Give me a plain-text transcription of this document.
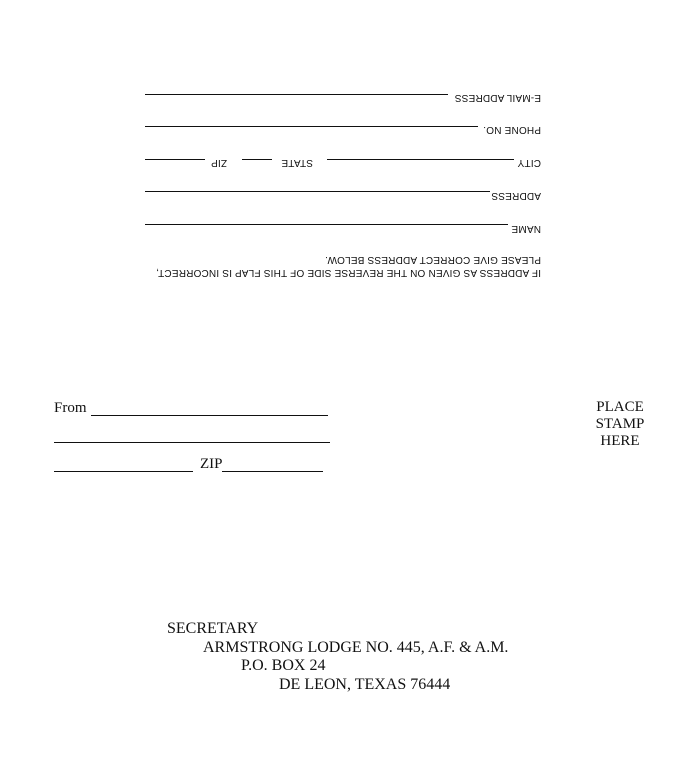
IF ADDRESS AS GIVEN ON THE REVERSE SIDE OF THIS FLAP IS INCORRECT,
PLEASE GIVE CORRECT ADDRESS BELOW.
NAME
ADDRESS
CITY
STATE
ZIP
PHONE NO.
E-MAIL ADDRESS
From
ZIP
PLACE
STAMP
HERE
SECRETARY
ARMSTRONG LODGE NO. 445, A.F. & A.M.
P.O. BOX 24
DE LEON, TEXAS 76444
